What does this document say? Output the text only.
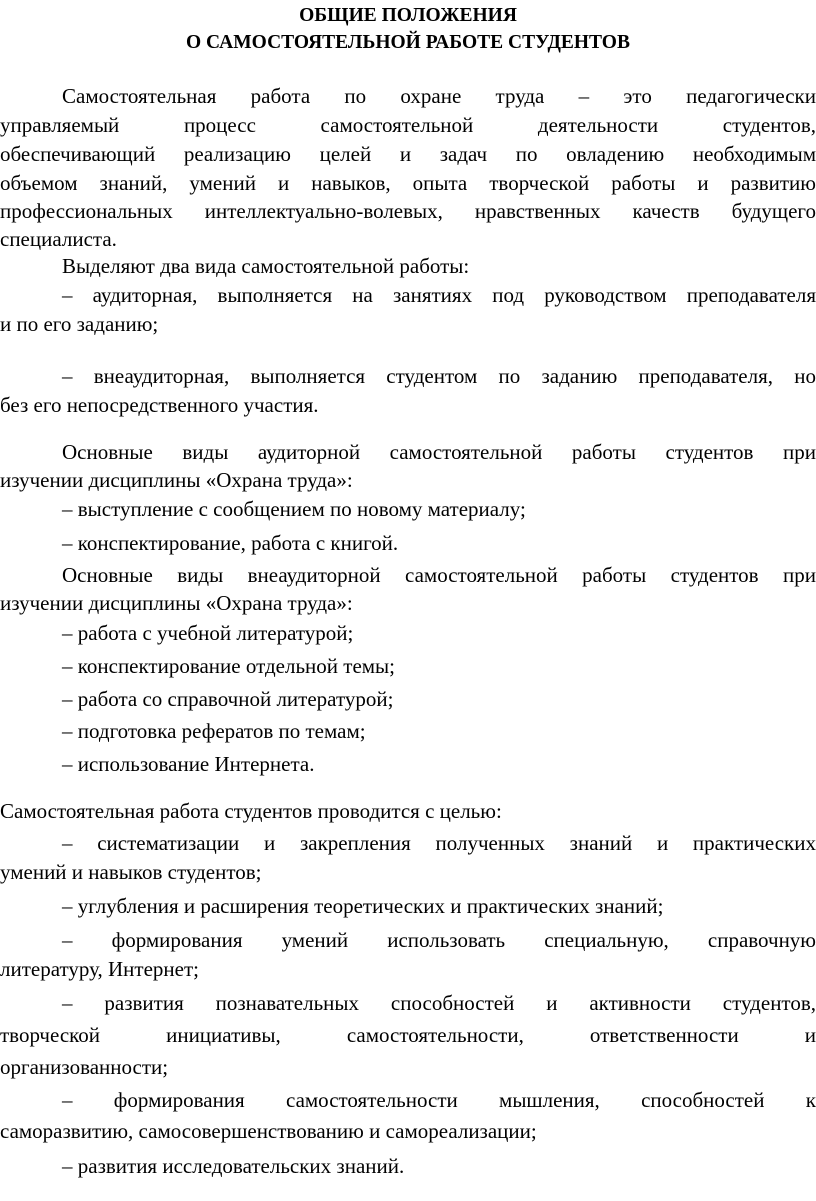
ОБЩИЕ ПОЛОЖЕНИЯ

О САМОСТОЯТЕЛЬНОЙ РАБОТЕ СТУДЕНТОВ

Самостоятельная работа по охране труда – это педагогически

управляемый процесс самостоятельной деятельности студентов,

обеспечивающий реализацию целей и задач по овладению необходимым

объемом знаний, умений и навыков, опыта творческой работы и развитию

профессиональных интеллектуально-волевых, нравственных качеств будущего

специалиста.

Выделяют два вида самостоятельной работы:

– аудиторная, выполняется на занятиях под руководством преподавателя

и по его заданию;

– внеаудиторная, выполняется студентом по заданию преподавателя, но

без его непосредственного участия.

Основные виды аудиторной самостоятельной работы студентов при

изучении дисциплины «Охрана труда»:

– выступление с сообщением по новому материалу;

– конспектирование, работа с книгой.

Основные виды внеаудиторной самостоятельной работы студентов при

изучении дисциплины «Охрана труда»:

– работа с учебной литературой;

– конспектирование отдельной темы;

– работа со справочной литературой;

– подготовка рефератов по темам;

– использование Интернета.

Самостоятельная работа студентов проводится с целью:

– систематизации и закрепления полученных знаний и практических

умений и навыков студентов;

– углубления и расширения теоретических и практических знаний;

– формирования умений использовать специальную, справочную

литературу, Интернет;

– развития познавательных способностей и активности студентов,

творческой инициативы, самостоятельности, ответственности и

организованности;

– формирования самостоятельности мышления, способностей к

саморазвитию, самосовершенствованию и самореализации;

– развития исследовательских знаний.
